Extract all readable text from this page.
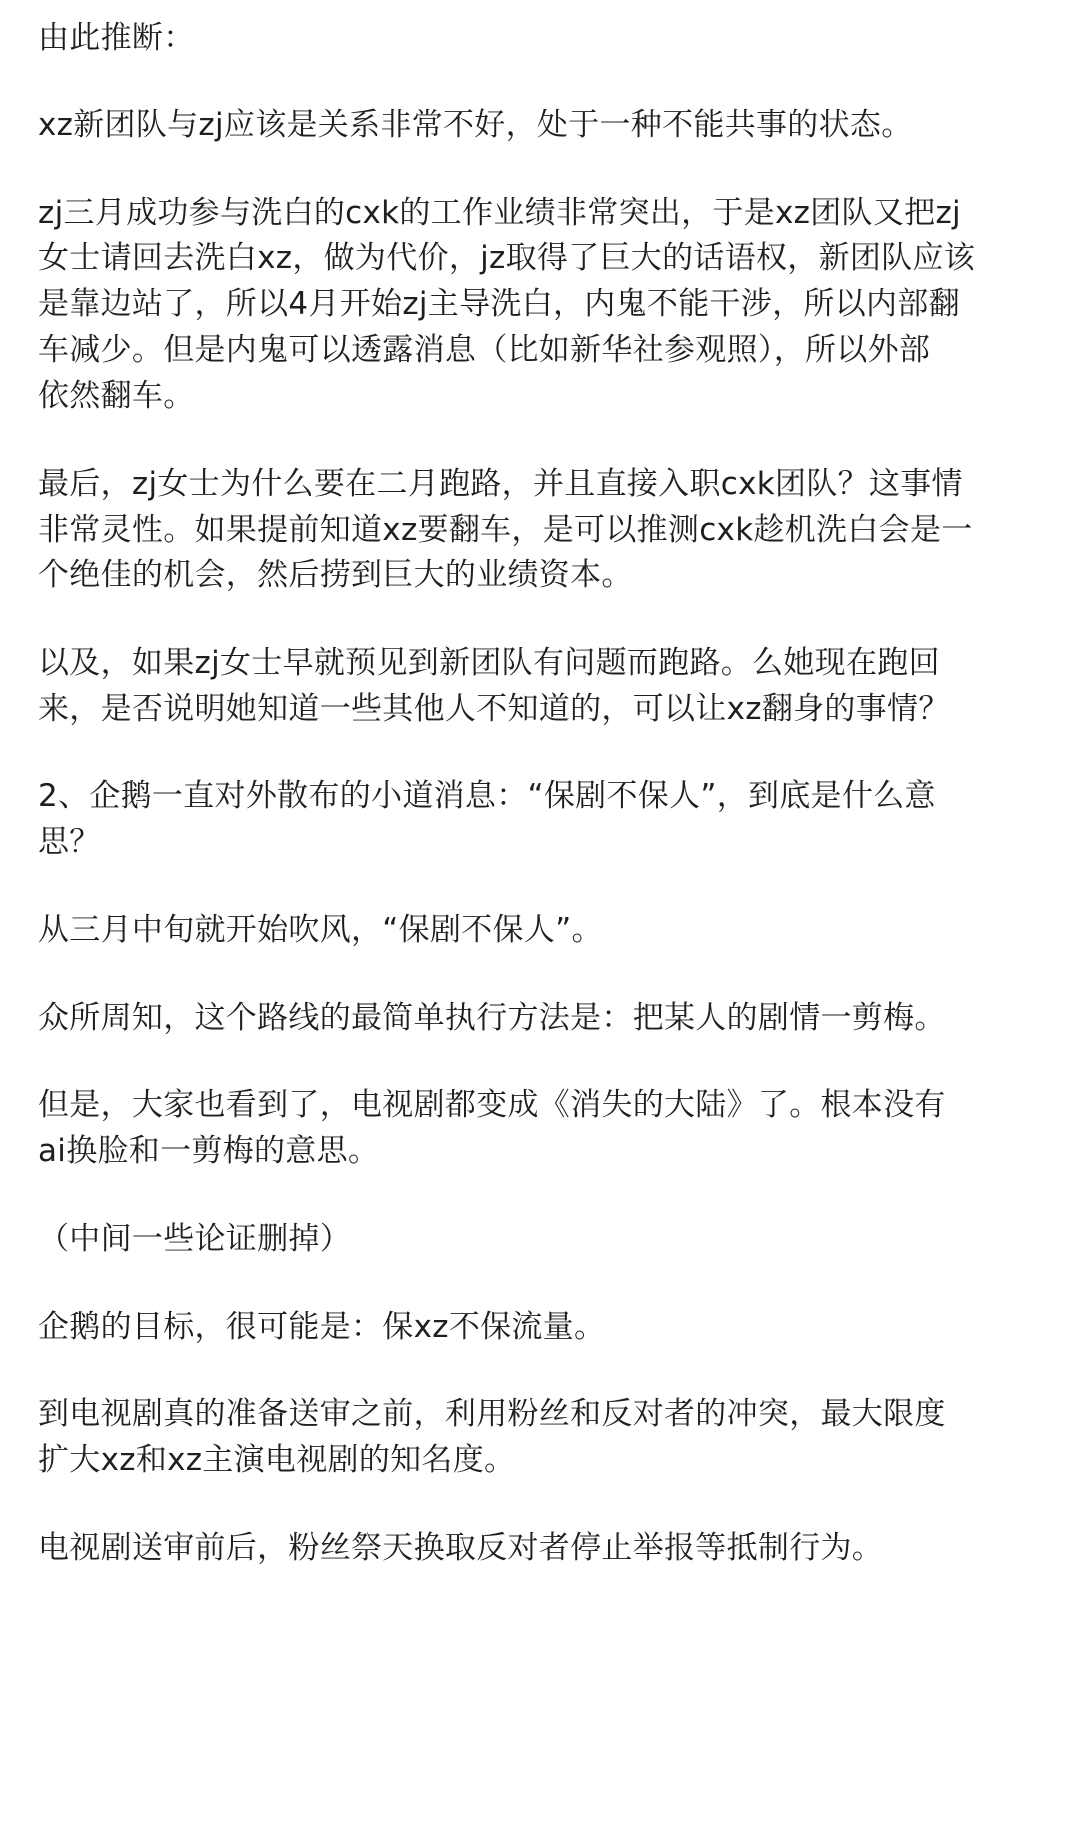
由此推断：
xz新团队与zj应该是关系非常不好，处于一种不能共事的状态。
zj三月成功参与洗白的cxk的工作业绩非常突出，于是xz团队又把zj
女士请回去洗白xz，做为代价，jz取得了巨大的话语权，新团队应该
是靠边站了，所以4月开始zj主导洗白，内鬼不能干涉，所以内部翻
车减少。但是内鬼可以透露消息（比如新华社参观照），所以外部
依然翻车。
最后，zj女士为什么要在二月跑路，并且直接入职cxk团队？这事情
非常灵性。如果提前知道xz要翻车，是可以推测cxk趁机洗白会是一
个绝佳的机会，然后捞到巨大的业绩资本。
以及，如果zj女士早就预见到新团队有问题而跑路。么她现在跑回
来，是否说明她知道一些其他人不知道的，可以让xz翻身的事情？
2、企鹅一直对外散布的小道消息：“保剧不保人”，到底是什么意
思？
从三月中旬就开始吹风，“保剧不保人”。
众所周知，这个路线的最简单执行方法是：把某人的剧情一剪梅。
但是，大家也看到了，电视剧都变成《消失的大陆》了。根本没有
ai换脸和一剪梅的意思。
（中间一些论证删掉）
企鹅的目标，很可能是：保xz不保流量。
到电视剧真的准备送审之前，利用粉丝和反对者的冲突，最大限度
扩大xz和xz主演电视剧的知名度。
电视剧送审前后，粉丝祭天换取反对者停止举报等抵制行为。
